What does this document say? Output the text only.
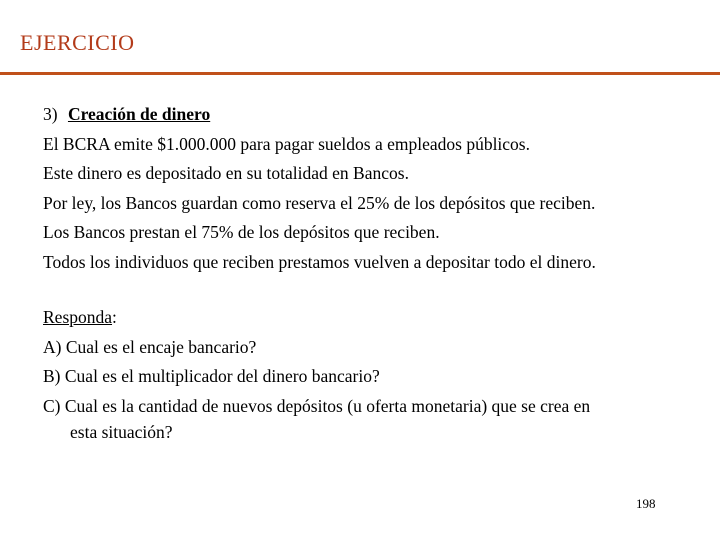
EJERCICIO
3) Creación de dinero
El BCRA emite $1.000.000 para pagar sueldos a empleados públicos.
Este dinero es depositado en su totalidad en Bancos.
Por ley, los Bancos guardan como reserva el 25% de los depósitos que reciben.
Los Bancos prestan el 75% de los depósitos que reciben.
Todos los individuos que reciben prestamos vuelven a depositar todo el dinero.
Responda:
A) Cual es el encaje bancario?
B) Cual es el multiplicador del dinero bancario?
C) Cual es la cantidad de nuevos depósitos (u oferta monetaria) que se crea en
esta situación?
198
